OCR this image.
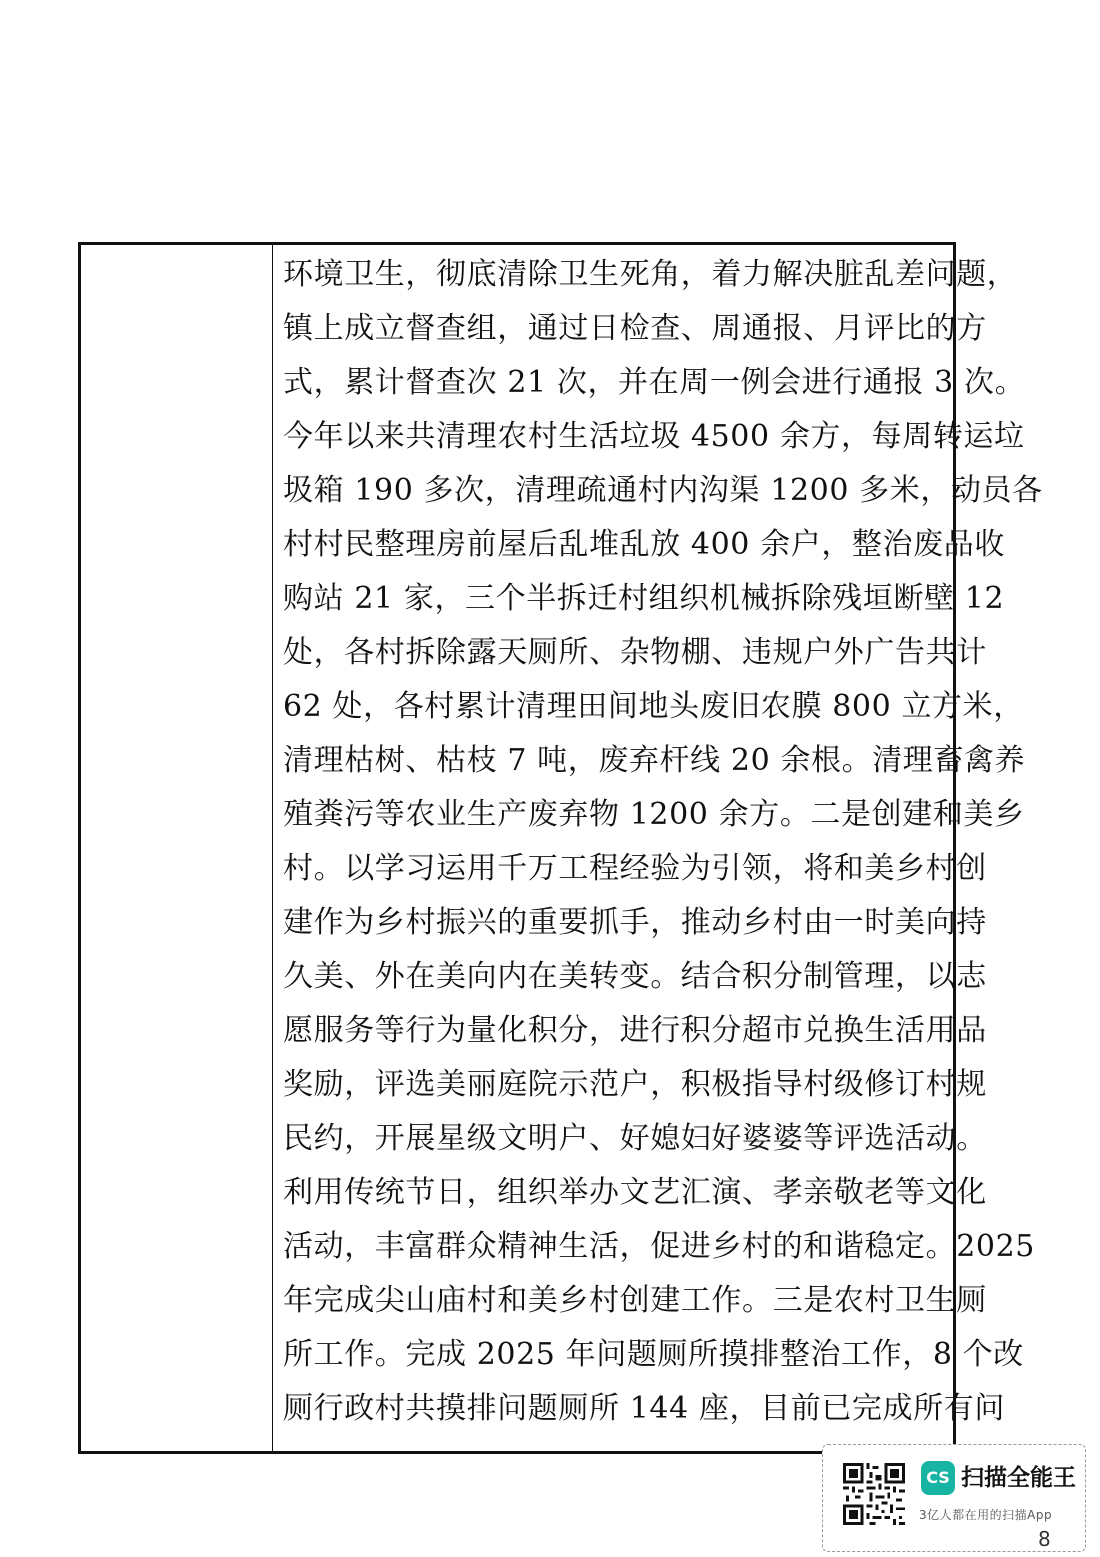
环境卫生，彻底清除卫生死角，着力解决脏乱差问题，
镇上成立督查组，通过日检查、周通报、月评比的方
式，累计督查次 21 次，并在周一例会进行通报 3 次。
今年以来共清理农村生活垃圾 4500 余方，每周转运垃
圾箱 190 多次，清理疏通村内沟渠 1200 多米，动员各
村村民整理房前屋后乱堆乱放 400 余户，整治废品收
购站 21 家，三个半拆迁村组织机械拆除残垣断壁 12
处，各村拆除露天厕所、杂物棚、违规户外广告共计
62 处，各村累计清理田间地头废旧农膜 800 立方米，
清理枯树、枯枝 7 吨，废弃杆线 20 余根。清理畜禽养
殖粪污等农业生产废弃物 1200 余方。二是创建和美乡
村。以学习运用千万工程经验为引领，将和美乡村创
建作为乡村振兴的重要抓手，推动乡村由一时美向持
久美、外在美向内在美转变。结合积分制管理，以志
愿服务等行为量化积分，进行积分超市兑换生活用品
奖励，评选美丽庭院示范户，积极指导村级修订村规
民约，开展星级文明户、好媳妇好婆婆等评选活动。
利用传统节日，组织举办文艺汇演、孝亲敬老等文化
活动，丰富群众精神生活，促进乡村的和谐稳定。2025
年完成尖山庙村和美乡村创建工作。三是农村卫生厕
所工作。完成 2025 年问题厕所摸排整治工作，8 个改
厕行政村共摸排问题厕所 144 座，目前已完成所有问
CS 扫描全能王
3亿人都在用的扫描App
8
